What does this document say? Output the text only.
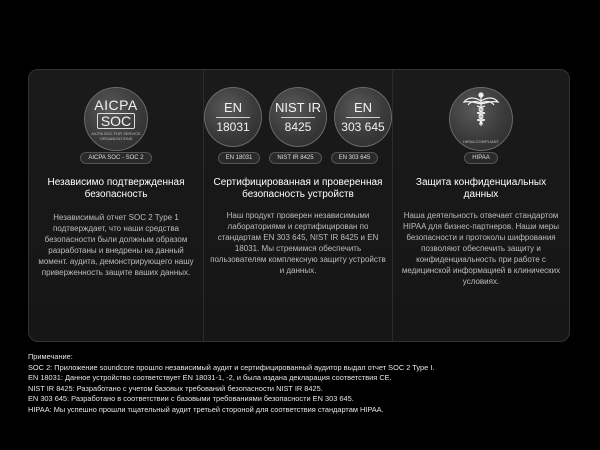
AICPA
SOC
AICPA SOC FOR SERVICE ORGANIZATIONS
AICPA SOC - SOC 2
Независимо подтвержденная безопасность
Независимый отчет SOC 2 Type 1 подтверждает, что наши средства безопасности были должным образом разработаны и внедрены на данный момент. аудита, демонстрирующего нашу приверженность защите ваших данных.
EN
18031
NIST IR
8425
EN
303 645
EN 18031	NIST IR 8425	EN 303 645
Сертифицированная и проверенная безопасность устройств
Наш продукт проверен независимыми лабораториями и сертифицирован по стандартам EN 303 645, NIST IR 8425 и EN 18031. Мы стремимся обеспечить пользователям комплексную защиту устройств и данных.
HIPAA COMPLIANT
HIPAA
Защита конфиденциальных данных
Наша деятельность отвечает стандартом HIPAA для бизнес-партнеров. Наши меры безопасности и протоколы шифрования позволяют обеспечить защиту и конфиденциальность при работе с медицинской информацией в клинических условиях.
Примечание:
SOC 2: Приложение soundcore прошло независимый аудит и сертифицированный аудитор выдал отчет SOC 2 Type I.
EN 18031: Данное устройство соответствует EN 18031-1, -2, и была издана декларация соответствия CE.
NIST IR 8425: Разработано с учетом базовых требований безопасности NIST IR 8425.
EN 303 645: Разработано в соответствии с базовыми требованиями безопасности EN 303 645.
HIPAA: Мы успешно прошли тщательный аудит третьей стороной для соответствия стандартам HIPAA.
